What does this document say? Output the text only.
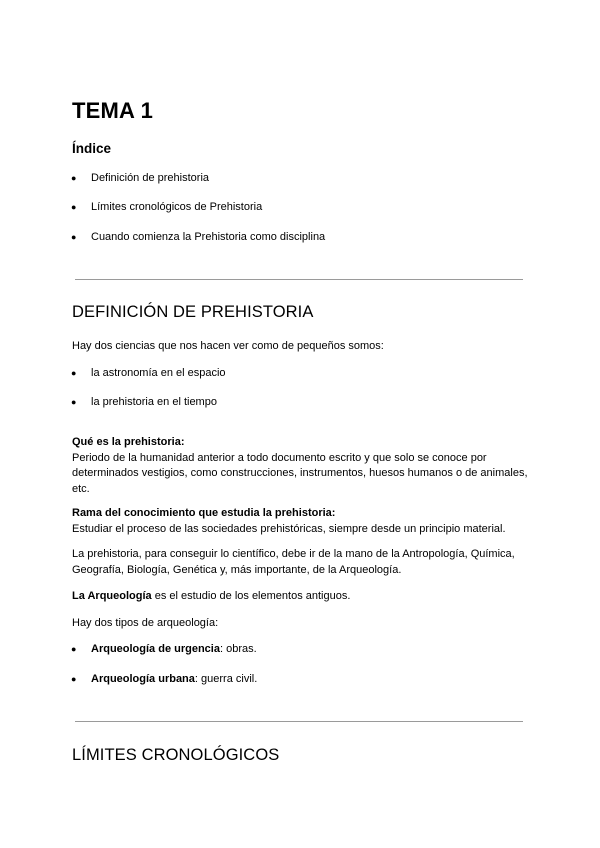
TEMA 1
Índice
● Definición de prehistoria
● Límites cronológicos de Prehistoria
● Cuando comienza la Prehistoria como disciplina
DEFINICIÓN DE PREHISTORIA
Hay dos ciencias que nos hacen ver como de pequeños somos:
● la astronomía en el espacio
● la prehistoria en el tiempo
Qué es la prehistoria:
Periodo de la humanidad anterior a todo documento escrito y que solo se conoce por determinados vestigios, como construcciones, instrumentos, huesos humanos o de animales, etc.
Rama del conocimiento que estudia la prehistoria:
Estudiar el proceso de las sociedades prehistóricas, siempre desde un principio material.
La prehistoria, para conseguir lo científico, debe ir de la mano de la Antropología, Química, Geografía, Biología, Genética y, más importante, de la Arqueología.
La Arqueología es el estudio de los elementos antiguos.
Hay dos tipos de arqueología:
● Arqueología de urgencia: obras.
● Arqueología urbana: guerra civil.
LÍMITES CRONOLÓGICOS
